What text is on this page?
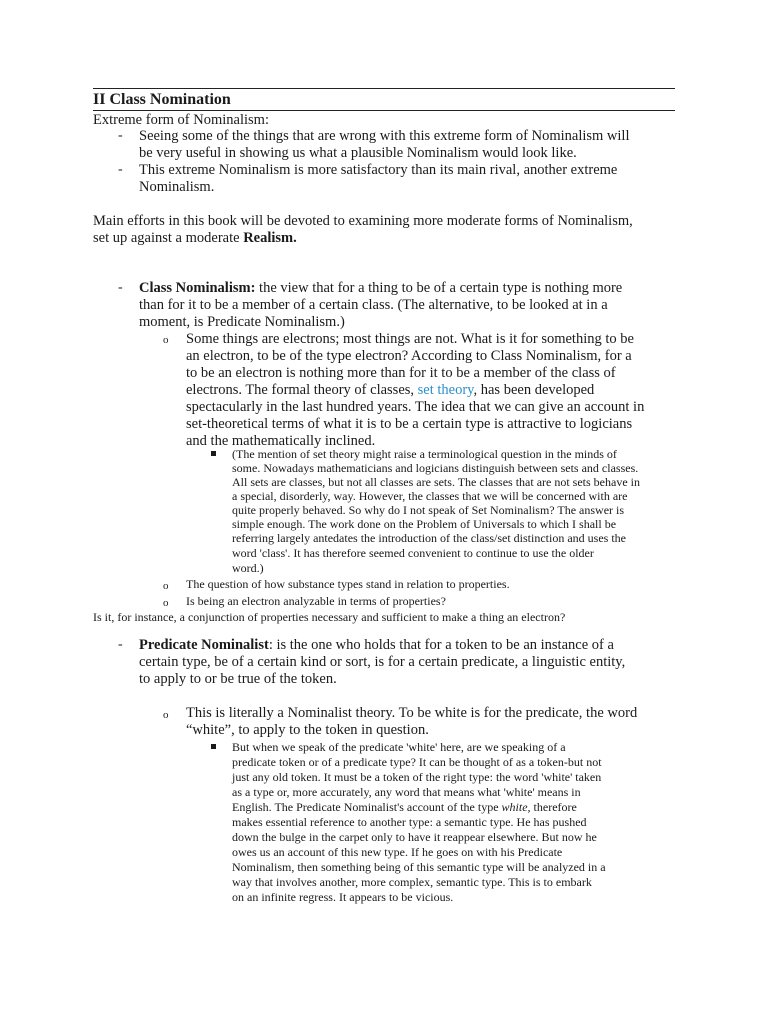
II Class Nomination
Extreme form of Nominalism:
- Seeing some of the things that are wrong with this extreme form of Nominalism will
be very useful in showing us what a plausible Nominalism would look like.
- This extreme Nominalism is more satisfactory than its main rival, another extreme
Nominalism.
Main efforts in this book will be devoted to examining more moderate forms of Nominalism,
set up against a moderate Realism.
- Class Nominalism: the view that for a thing to be of a certain type is nothing more
than for it to be a member of a certain class. (The alternative, to be looked at in a
moment, is Predicate Nominalism.)
o Some things are electrons; most things are not. What is it for something to be
an electron, to be of the type electron? According to Class Nominalism, for a
to be an electron is nothing more than for it to be a member of the class of
electrons. The formal theory of classes, set theory, has been developed
spectacularly in the last hundred years. The idea that we can give an account in
set-theoretical terms of what it is to be a certain type is attractive to logicians
and the mathematically inclined.
(The mention of set theory might raise a terminological question in the minds of
some. Nowadays mathematicians and logicians distinguish between sets and classes.
All sets are classes, but not all classes are sets. The classes that are not sets behave in
a special, disorderly, way. However, the classes that we will be concerned with are
quite properly behaved. So why do I not speak of Set Nominalism? The answer is
simple enough. The work done on the Problem of Universals to which I shall be
referring largely antedates the introduction of the class/set distinction and uses the
word 'class'. It has therefore seemed convenient to continue to use the older
word.)
o The question of how substance types stand in relation to properties.
o Is being an electron analyzable in terms of properties?
Is it, for instance, a conjunction of properties necessary and sufficient to make a thing an electron?
- Predicate Nominalist: is the one who holds that for a token to be an instance of a
certain type, be of a certain kind or sort, is for a certain predicate, a linguistic entity,
to apply to or be true of the token.
o This is literally a Nominalist theory. To be white is for the predicate, the word
“white”, to apply to the token in question.
But when we speak of the predicate 'white' here, are we speaking of a
predicate token or of a predicate type? It can be thought of as a token-but not
just any old token. It must be a token of the right type: the word 'white' taken
as a type or, more accurately, any word that means what 'white' means in
English. The Predicate Nominalist's account of the type white, therefore
makes essential reference to another type: a semantic type. He has pushed
down the bulge in the carpet only to have it reappear elsewhere. But now he
owes us an account of this new type. If he goes on with his Predicate
Nominalism, then something being of this semantic type will be analyzed in a
way that involves another, more complex, semantic type. This is to embark
on an infinite regress. It appears to be vicious.
